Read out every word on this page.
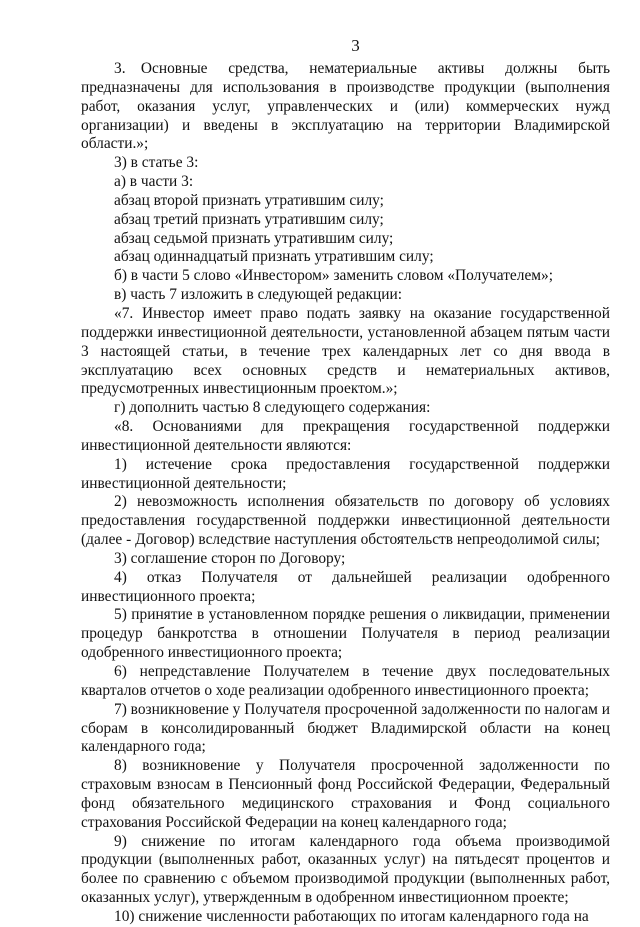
3

3. Основные средства, нематериальные активы должны быть предназначены для использования в производстве продукции (выполнения работ, оказания услуг, управленческих и (или) коммерческих нужд организации) и введены в эксплуатацию на территории Владимирской области.»;

3) в статье 3:

а) в части 3:

абзац второй признать утратившим силу;

абзац третий признать утратившим силу;

абзац седьмой признать утратившим силу;

абзац одиннадцатый признать утратившим силу;

б) в части 5 слово «Инвестором» заменить словом «Получателем»;

в) часть 7 изложить в следующей редакции:

«7. Инвестор имеет право подать заявку на оказание государственной поддержки инвестиционной деятельности, установленной абзацем пятым части 3 настоящей статьи, в течение трех календарных лет со дня ввода в эксплуатацию всех основных средств и нематериальных активов, предусмотренных инвестиционным проектом.»;

г) дополнить частью 8 следующего содержания:

«8. Основаниями для прекращения государственной поддержки инвестиционной деятельности являются:

1) истечение срока предоставления государственной поддержки инвестиционной деятельности;

2) невозможность исполнения обязательств по договору об условиях предоставления государственной поддержки инвестиционной деятельности (далее - Договор) вследствие наступления обстоятельств непреодолимой силы;

3) соглашение сторон по Договору;

4) отказ Получателя от дальнейшей реализации одобренного инвестиционного проекта;

5) принятие в установленном порядке решения о ликвидации, применении процедур банкротства в отношении Получателя в период реализации одобренного инвестиционного проекта;

6) непредставление Получателем в течение двух последовательных кварталов отчетов о ходе реализации одобренного инвестиционного проекта;

7) возникновение у Получателя просроченной задолженности по налогам и сборам в консолидированный бюджет Владимирской области на конец календарного года;

8) возникновение у Получателя просроченной задолженности по страховым взносам в Пенсионный фонд Российской Федерации, Федеральный фонд обязательного медицинского страхования и Фонд социального страхования Российской Федерации на конец календарного года;

9) снижение по итогам календарного года объема производимой продукции (выполненных работ, оказанных услуг) на пятьдесят процентов и более по сравнению с объемом производимой продукции (выполненных работ, оказанных услуг), утвержденным в одобренном инвестиционном проекте;

10) снижение численности работающих по итогам календарного года на
